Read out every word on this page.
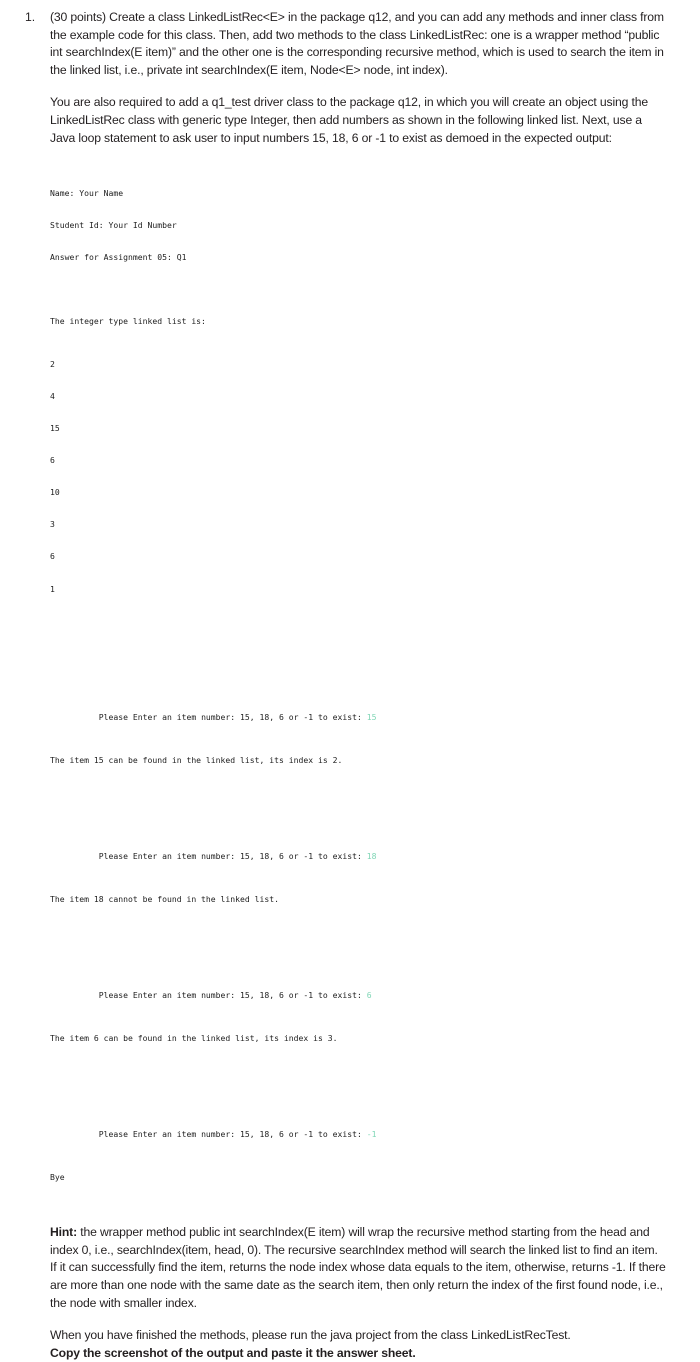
1.	(30 points) Create a class LinkedListRec<E> in the package q12, and you can add any methods and inner class from the example code for this class. Then, add two methods to the class LinkedListRec: one is a wrapper method “public int searchIndex(E item)” and the other one is the corresponding recursive method, which is used to search the item in the linked list, i.e., private int searchIndex(E item, Node<E> node, int index).

You are also required to add a q1_test driver class to the package q12, in which you will create an object using the LinkedListRec class with generic type Integer, then add numbers as shown in the following linked list. Next, use a Java loop statement to ask user to input numbers 15, 18, 6 or -1 to exist as demoed in the expected output:

Name: Your Name

Student Id: Your Id Number

Answer for Assignment 05: Q1

The integer type linked list is:

2

4

15

6

10

3

6

1

Please Enter an item number: 15, 18, 6 or -1 to exist: 15

The item 15 can be found in the linked list, its index is 2.

Please Enter an item number: 15, 18, 6 or -1 to exist: 18

The item 18 cannot be found in the linked list.

Please Enter an item number: 15, 18, 6 or -1 to exist: 6

The item 6 can be found in the linked list, its index is 3.

Please Enter an item number: 15, 18, 6 or -1 to exist: -1

Bye

Hint: the wrapper method public int searchIndex(E item) will wrap the recursive method starting from the head and index 0, i.e., searchIndex(item, head, 0). The recursive searchIndex method will search the linked list to find an item. If it can successfully find the item, returns the node index whose data equals to the item, otherwise, returns -1. If there are more than one node with the same date as the search item, then only return the index of the first found node, i.e., the node with smaller index.

When you have finished the methods, please run the java project from the class LinkedListRecTest.

Copy the screenshot of the output and paste it the answer sheet.
